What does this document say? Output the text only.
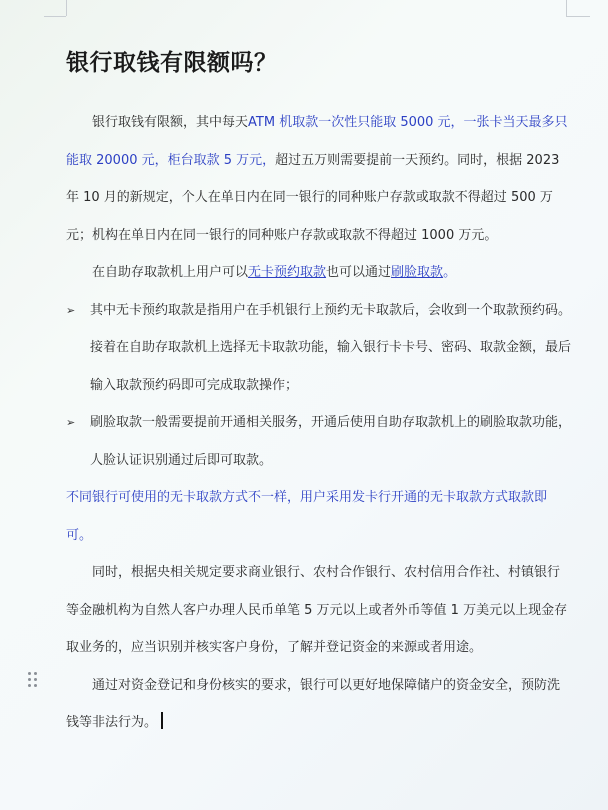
银行取钱有限额吗？

银行取钱有限额，其中每天ATM 机取款一次性只能取 5000 元，一张卡当天最多只能取 20000 元，柜台取款 5 万元，超过五万则需要提前一天预约。同时，根据 2023 年 10 月的新规定，个人在单日内在同一银行的同种账户存款或取款不得超过 500 万元；机构在单日内在同一银行的同种账户存款或取款不得超过 1000 万元。

在自助存取款机上用户可以无卡预约取款也可以通过刷脸取款。

➢ 其中无卡预约取款是指用户在手机银行上预约无卡取款后，会收到一个取款预约码。接着在自助存取款机上选择无卡取款功能，输入银行卡卡号、密码、取款金额，最后输入取款预约码即可完成取款操作；
➢ 刷脸取款一般需要提前开通相关服务，开通后使用自助存取款机上的刷脸取款功能，人脸认证识别通过后即可取款。

不同银行可使用的无卡取款方式不一样，用户采用发卡行开通的无卡取款方式取款即可。

同时，根据央相关规定要求商业银行、农村合作银行、农村信用合作社、村镇银行等金融机构为自然人客户办理人民币单笔 5 万元以上或者外币等值 1 万美元以上现金存取业务的，应当识别并核实客户身份，了解并登记资金的来源或者用途。

通过对资金登记和身份核实的要求，银行可以更好地保障储户的资金安全，预防洗钱等非法行为。
